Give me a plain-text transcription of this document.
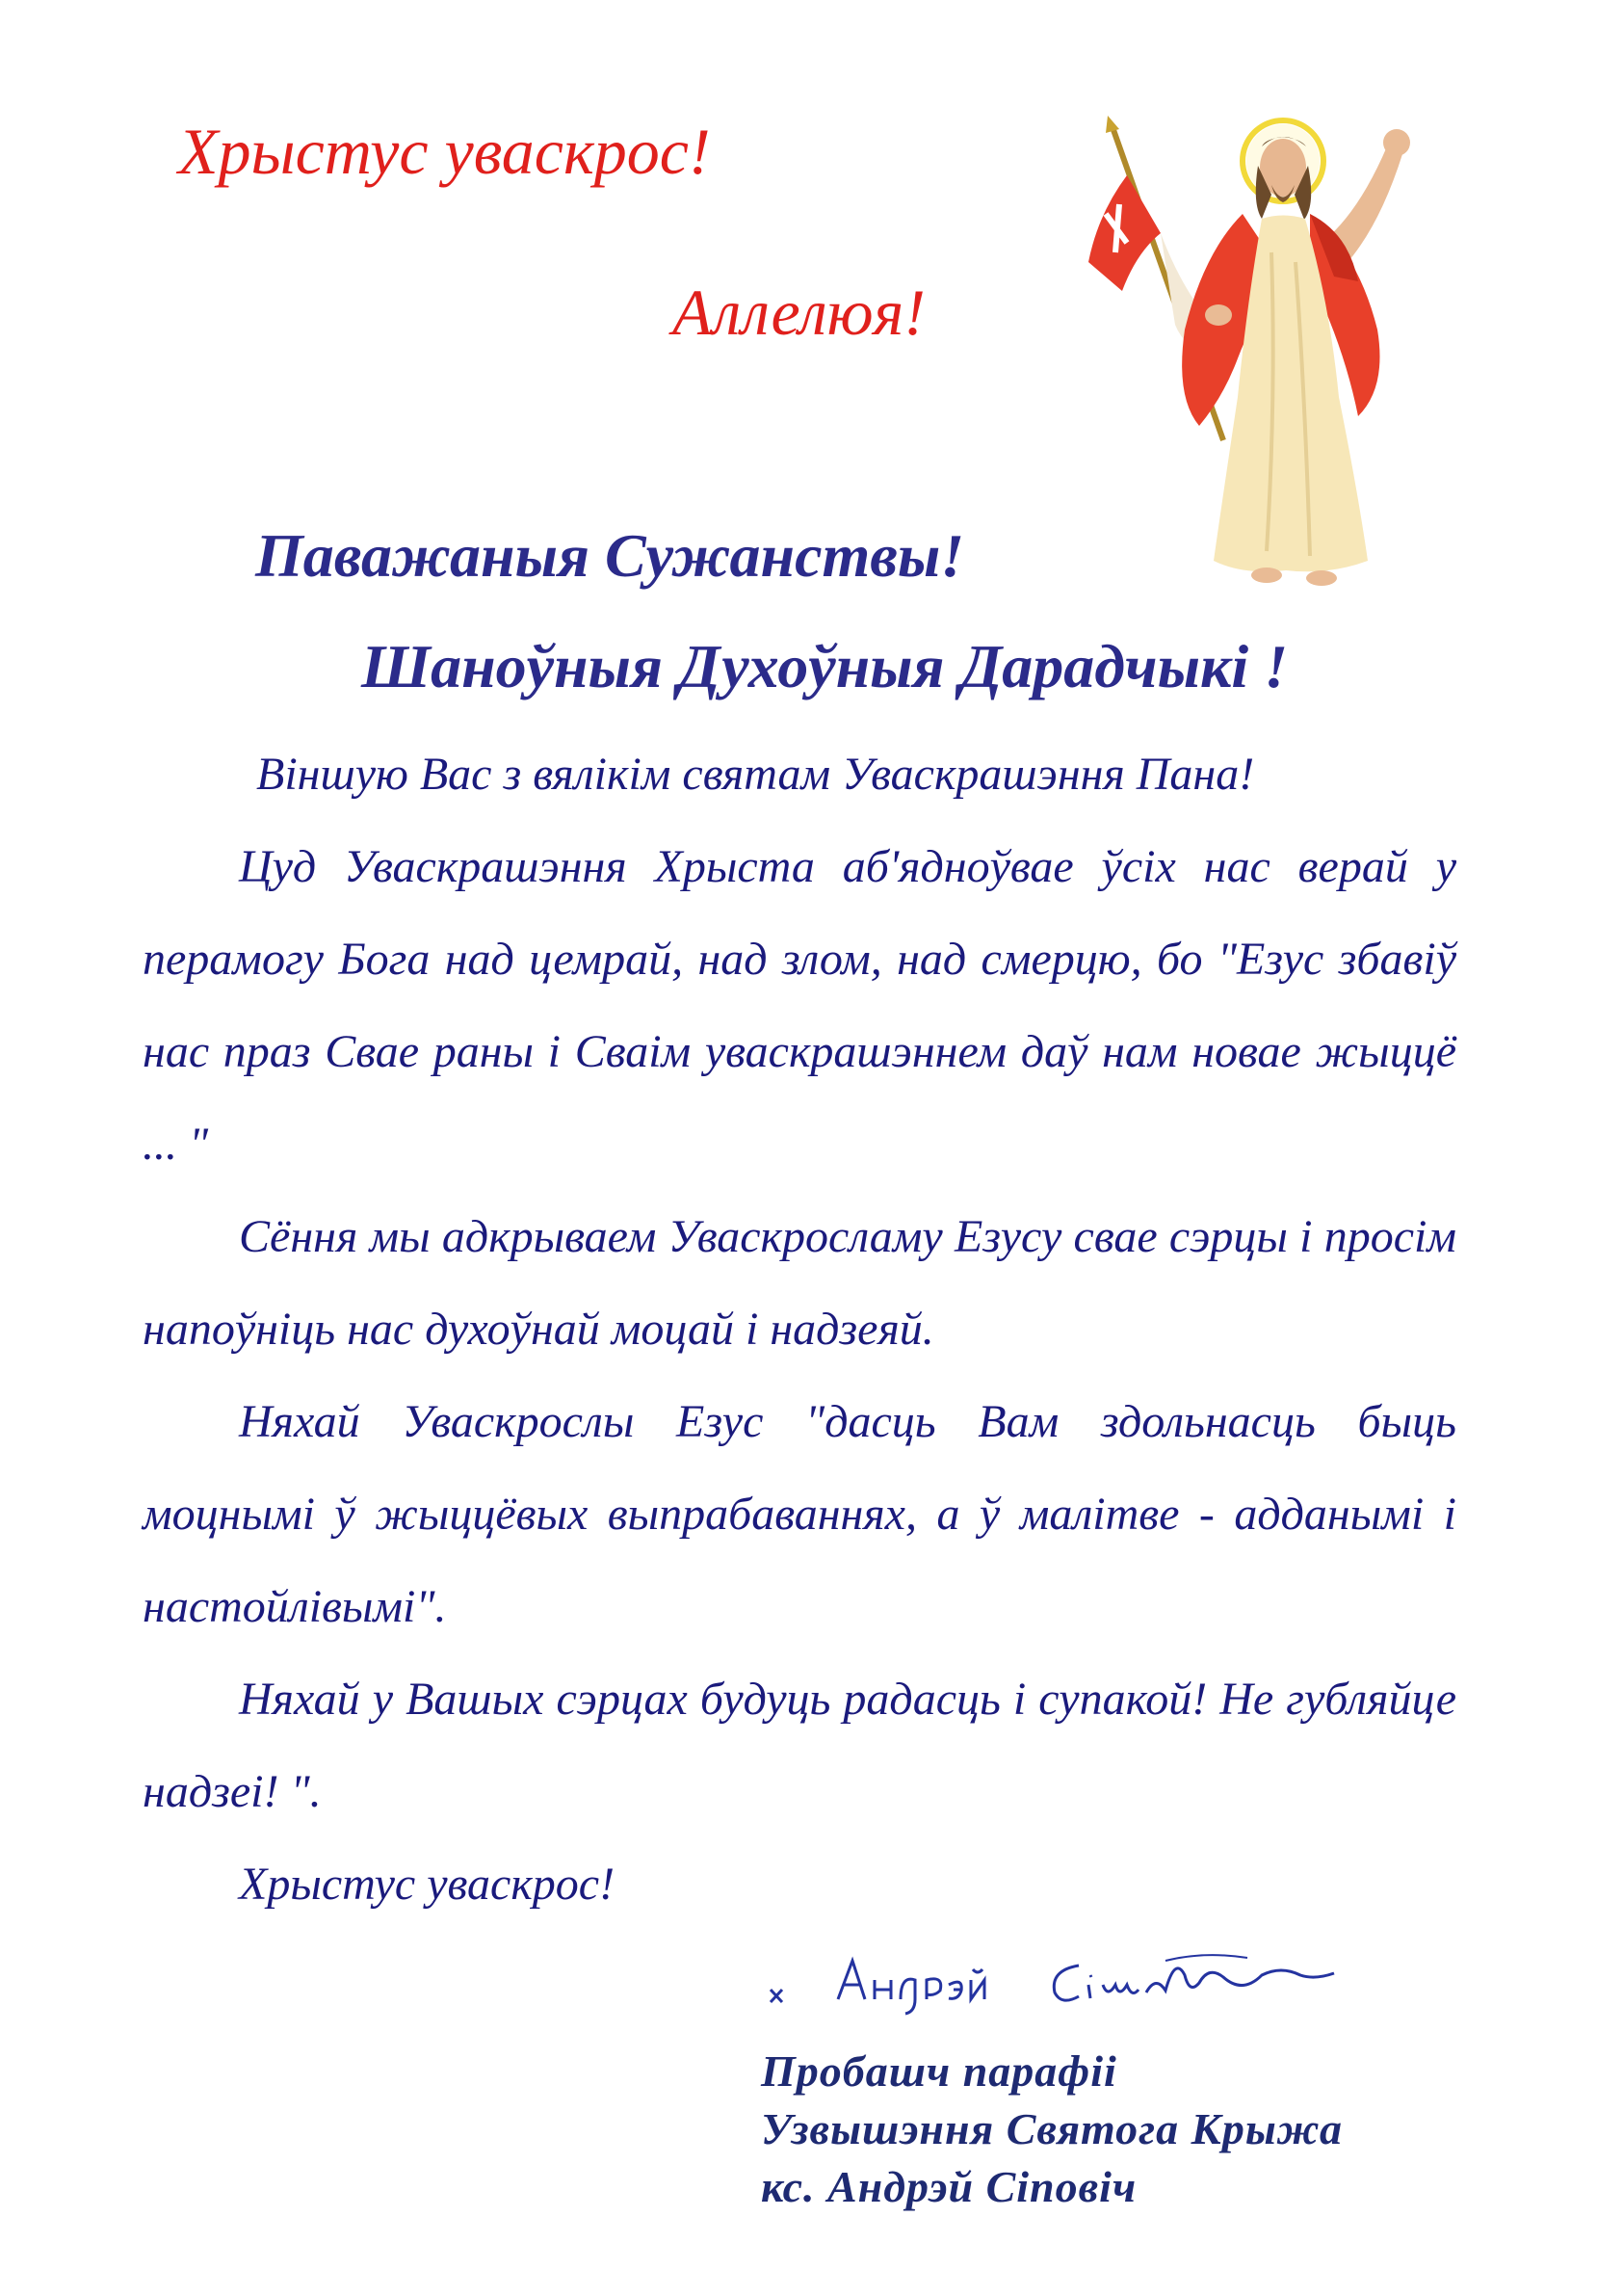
Хрыстус уваскрос!
Аллелюя!
Паважаныя Сужанствы!
Шаноўныя Духоўныя Дарадчыкі !

Віншую Вас з вялікім святам Уваскрашэння Пана!

Цуд Уваскрашэння Хрыста аб'ядноўвае ўсіх нас верай у перамогу Бога над цемрай, над злом, над смерцю, бо "Езус збавіў нас праз Свае раны і Сваім уваскрашэннем даў нам новае жыццё ... "

Сёння мы адкрываем Уваскросламу Езусу свае сэрцы і просім напоўніць нас духоўнай моцай і надзеяй.

Няхай Уваскрослы Езус "дасць Вам здольнасць быць моцнымі ў жыццёвых выпрабаваннях, а ў малітве - адданымі і настойлівымі".

Няхай у Вашых сэрцах будуць радасць і супакой! Не губляйце надзеі! ".

Хрыстус уваскрос!

Пробашч парафіі
Узвышэння Святога Крыжа
кс. Андрэй Сіповіч
